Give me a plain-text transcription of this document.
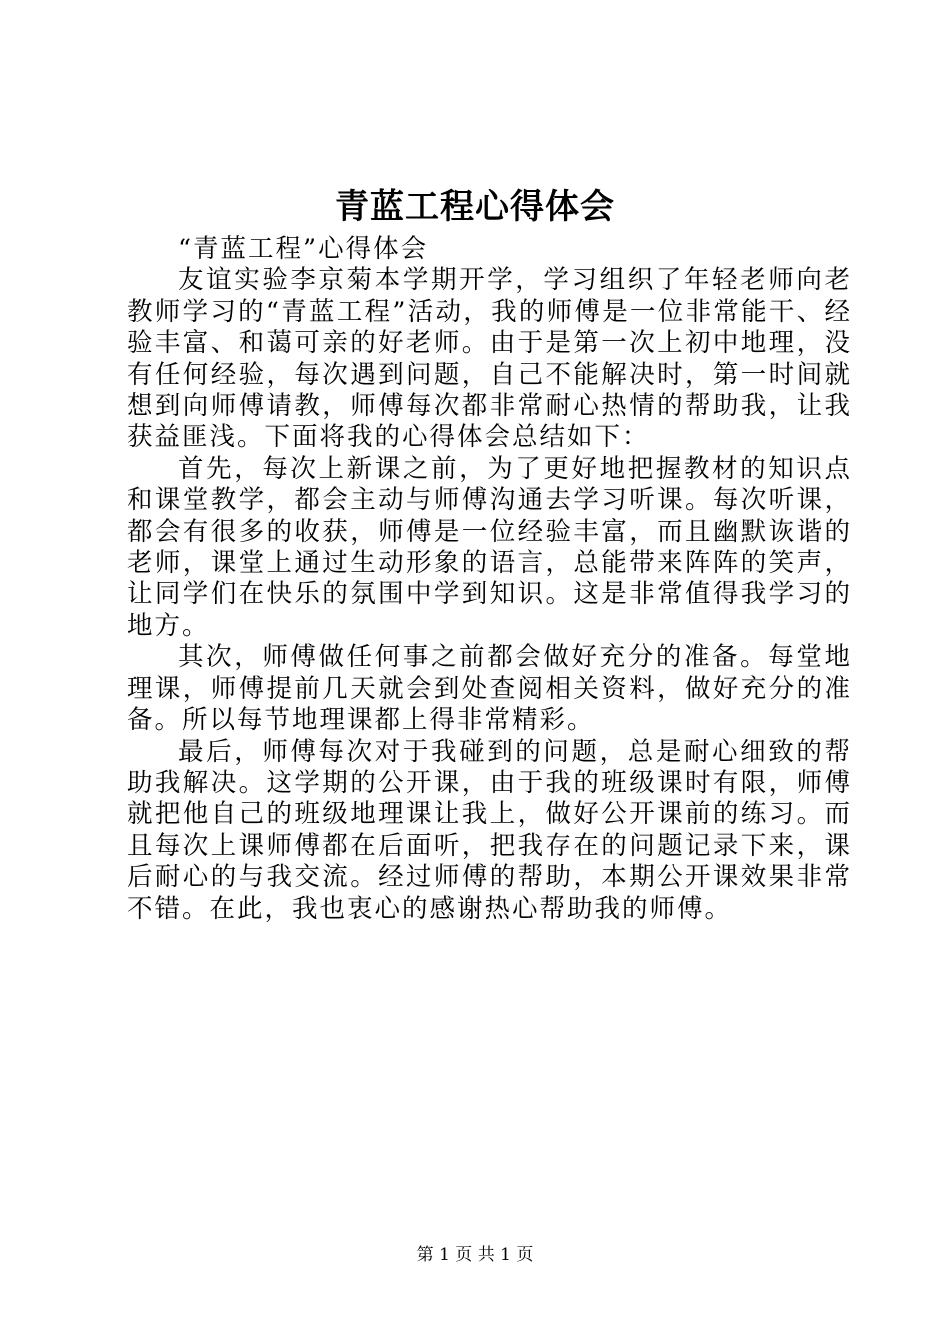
青蓝工程心得体会

“青蓝工程”心得体会

友谊实验李京菊本学期开学，学习组织了年轻老师向老教师学习的“青蓝工程”活动，我的师傅是一位非常能干、经验丰富、和蔼可亲的好老师。由于是第一次上初中地理，没有任何经验，每次遇到问题，自己不能解决时，第一时间就想到向师傅请教，师傅每次都非常耐心热情的帮助我，让我获益匪浅。下面将我的心得体会总结如下：

首先，每次上新课之前，为了更好地把握教材的知识点和课堂教学，都会主动与师傅沟通去学习听课。每次听课，都会有很多的收获，师傅是一位经验丰富，而且幽默诙谐的老师，课堂上通过生动形象的语言，总能带来阵阵的笑声，让同学们在快乐的氛围中学到知识。这是非常值得我学习的地方。

其次，师傅做任何事之前都会做好充分的准备。每堂地理课，师傅提前几天就会到处查阅相关资料，做好充分的准备。所以每节地理课都上得非常精彩。

最后，师傅每次对于我碰到的问题，总是耐心细致的帮助我解决。这学期的公开课，由于我的班级课时有限，师傅就把他自己的班级地理课让我上，做好公开课前的练习。而且每次上课师傅都在后面听，把我存在的问题记录下来，课后耐心的与我交流。经过师傅的帮助，本期公开课效果非常不错。在此，我也衷心的感谢热心帮助我的师傅。

第 1 页 共 1 页
